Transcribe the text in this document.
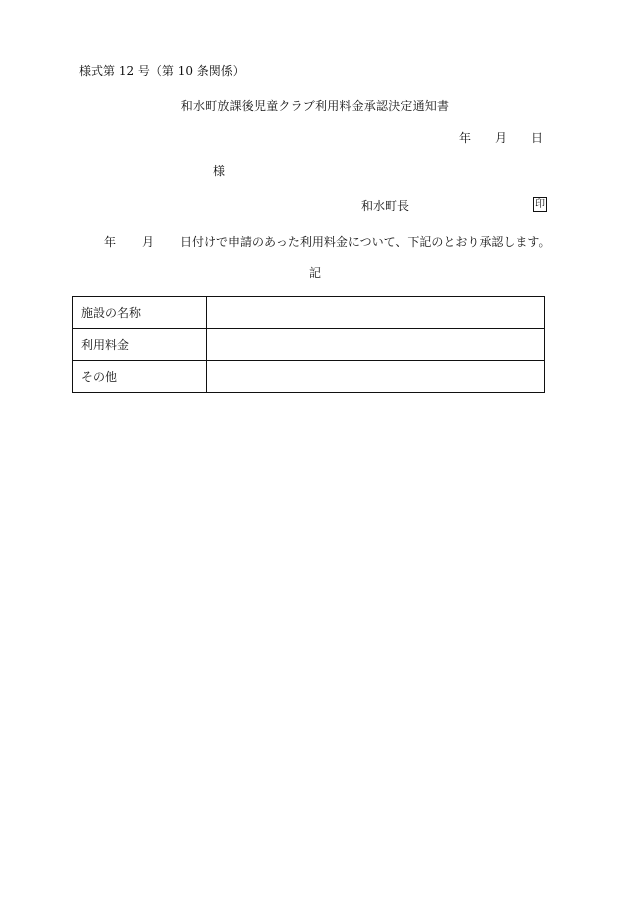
様式第 12 号（第 10 条関係）
和水町放課後児童クラブ利用料金承認決定通知書
年 月 日
様
和水町長	印
年 月 日付けで申請のあった利用料金について、下記のとおり承認します。
記
施設の名称	
利用料金	
その他	
